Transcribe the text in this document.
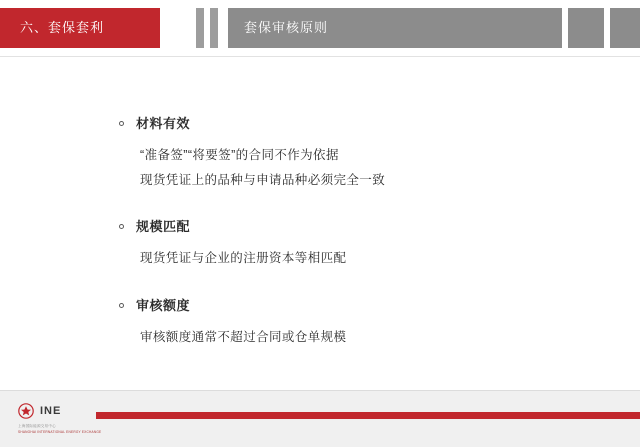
六、套保套利	套保审核原则
材料有效
“准备签”“将要签”的合同不作为依据
现货凭证上的品种与申请品种必须完全一致
规模匹配
现货凭证与企业的注册资本等相匹配
审核额度
审核额度通常不超过合同或仓单规模
INE
上海国际能源交易中心
SHANGHAI INTERNATIONAL ENERGY EXCHANGE
